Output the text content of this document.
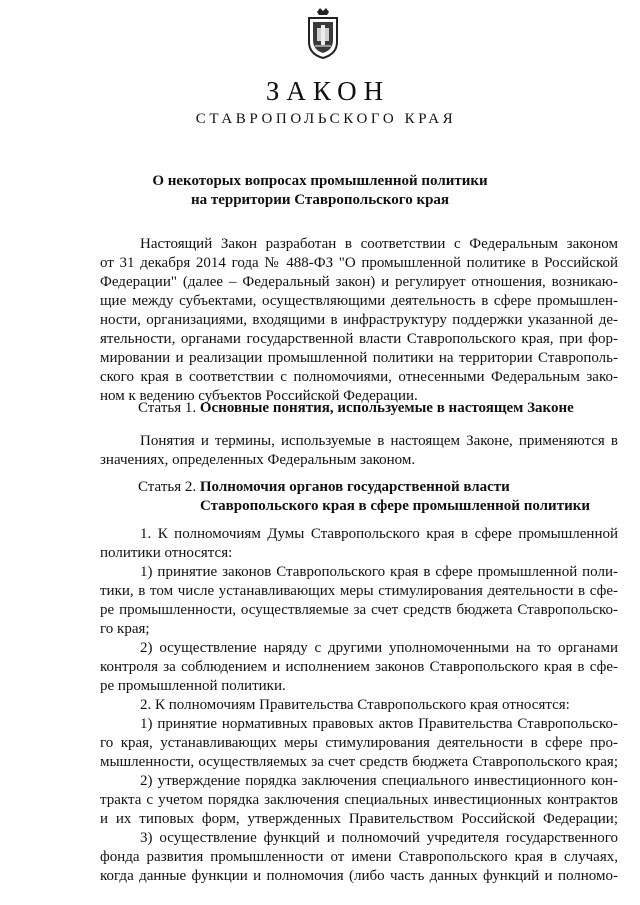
ЗАКОН
СТАВРОПОЛЬСКОГО КРАЯ
О некоторых вопросах промышленной политики
на территории Ставропольского края
Настоящий Закон разработан в соответствии с Федеральным законом
от 31 декабря 2014 года № 488-ФЗ "О промышленной политике в Российской
Федерации" (далее – Федеральный закон) и регулирует отношения, возникаю-
щие между субъектами, осуществляющими деятельность в сфере промышлен-
ности, организациями, входящими в инфраструктуру поддержки указанной де-
ятельности, органами государственной власти Ставропольского края, при фор-
мировании и реализации промышленной политики на территории Ставрополь-
ского края в соответствии с полномочиями, отнесенными Федеральным зако-
ном к ведению субъектов Российской Федерации.
Статья 1. Основные понятия, используемые в настоящем Законе
Понятия и термины, используемые в настоящем Законе, применяются в
значениях, определенных Федеральным законом.
Статья 2. Полномочия органов государственной власти
Ставропольского края в сфере промышленной политики
1. К полномочиям Думы Ставропольского края в сфере промышленной
политики относятся:
1) принятие законов Ставропольского края в сфере промышленной поли-
тики, в том числе устанавливающих меры стимулирования деятельности в сфе-
ре промышленности, осуществляемые за счет средств бюджета Ставропольско-
го края;
2) осуществление наряду с другими уполномоченными на то органами
контроля за соблюдением и исполнением законов Ставропольского края в сфе-
ре промышленной политики.
2. К полномочиям Правительства Ставропольского края относятся:
1) принятие нормативных правовых актов Правительства Ставропольско-
го края, устанавливающих меры стимулирования деятельности в сфере про-
мышленности, осуществляемых за счет средств бюджета Ставропольского края;
2) утверждение порядка заключения специального инвестиционного кон-
тракта с учетом порядка заключения специальных инвестиционных контрактов
и их типовых форм, утвержденных Правительством Российской Федерации;
3) осуществление функций и полномочий учредителя государственного
фонда развития промышленности от имени Ставропольского края в случаях,
когда данные функции и полномочия (либо часть данных функций и полномо-
